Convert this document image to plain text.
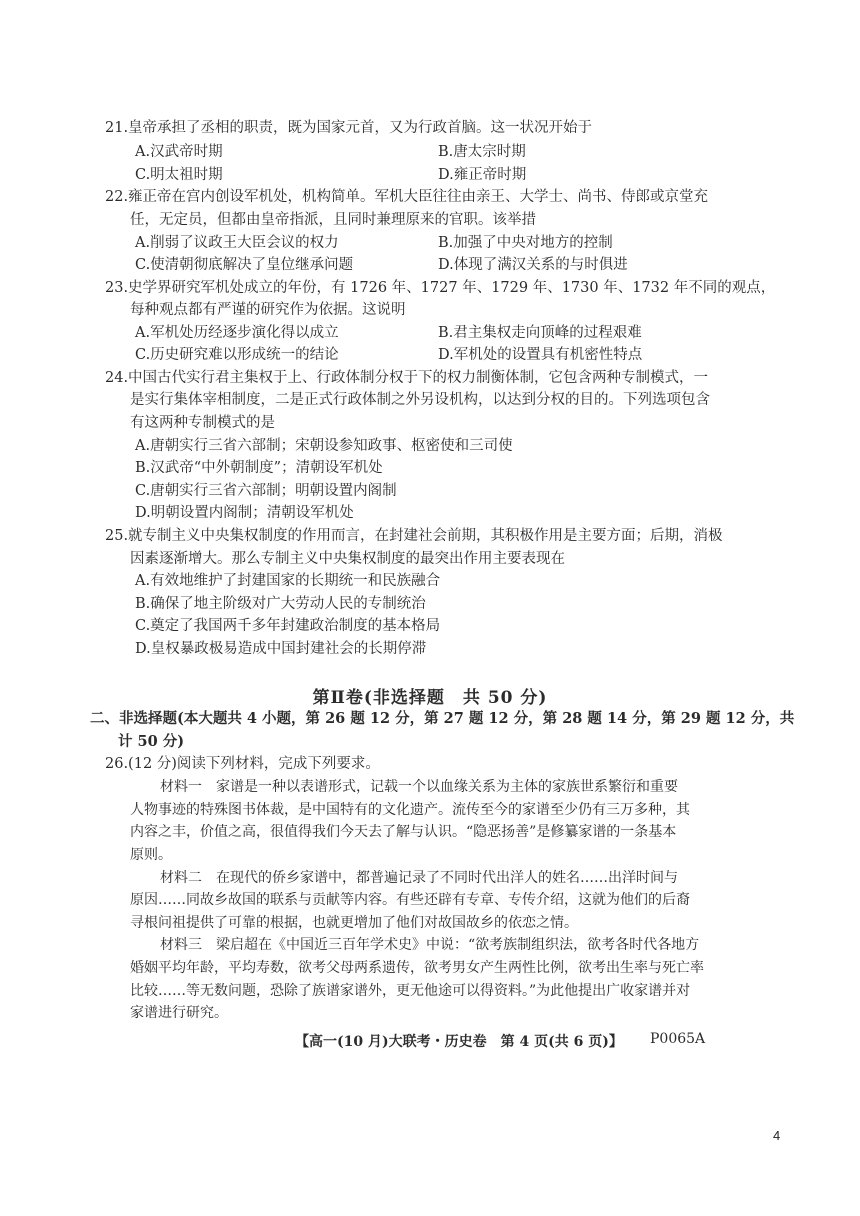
21.皇帝承担了丞相的职责，既为国家元首，又为行政首脑。这一状况开始于
A.汉武帝时期	B.唐太宗时期
C.明太祖时期	D.雍正帝时期
22.雍正帝在宫内创设军机处，机构简单。军机大臣往往由亲王、大学士、尚书、侍郎或京堂充
任，无定员，但都由皇帝指派，且同时兼理原来的官职。该举措
A.削弱了议政王大臣会议的权力	B.加强了中央对地方的控制
C.使清朝彻底解决了皇位继承问题	D.体现了满汉关系的与时俱进
23.史学界研究军机处成立的年份，有 1726 年、1727 年、1729 年、1730 年、1732 年不同的观点，
每种观点都有严谨的研究作为依据。这说明
A.军机处历经逐步演化得以成立	B.君主集权走向顶峰的过程艰难
C.历史研究难以形成统一的结论	D.军机处的设置具有机密性特点
24.中国古代实行君主集权于上、行政体制分权于下的权力制衡体制，它包含两种专制模式，一
是实行集体宰相制度，二是正式行政体制之外另设机构，以达到分权的目的。下列选项包含
有这两种专制模式的是
A.唐朝实行三省六部制；宋朝设参知政事、枢密使和三司使
B.汉武帝“中外朝制度”；清朝设军机处
C.唐朝实行三省六部制；明朝设置内阁制
D.明朝设置内阁制；清朝设军机处
25.就专制主义中央集权制度的作用而言，在封建社会前期，其积极作用是主要方面；后期，消极
因素逐渐增大。那么专制主义中央集权制度的最突出作用主要表现在
A.有效地维护了封建国家的长期统一和民族融合
B.确保了地主阶级对广大劳动人民的专制统治
C.奠定了我国两千多年封建政治制度的基本格局
D.皇权暴政极易造成中国封建社会的长期停滞
第Ⅱ卷(非选择题　共 50 分)
二、非选择题(本大题共 4 小题，第 26 题 12 分，第 27 题 12 分，第 28 题 14 分，第 29 题 12 分，共
计 50 分)
26.(12 分)阅读下列材料，完成下列要求。
材料一　家谱是一种以表谱形式，记载一个以血缘关系为主体的家族世系繁衍和重要
人物事迹的特殊图书体裁，是中国特有的文化遗产。流传至今的家谱至少仍有三万多种，其
内容之丰，价值之高，很值得我们今天去了解与认识。“隐恶扬善”是修纂家谱的一条基本
原则。
材料二　在现代的侨乡家谱中，都普遍记录了不同时代出洋人的姓名……出洋时间与
原因……同故乡故国的联系与贡献等内容。有些还辟有专章、专传介绍，这就为他们的后裔
寻根问祖提供了可靠的根据，也就更增加了他们对故国故乡的依恋之情。
材料三　梁启超在《中国近三百年学术史》中说：“欲考族制组织法，欲考各时代各地方
婚姻平均年龄，平均寿数，欲考父母两系遗传，欲考男女产生两性比例，欲考出生率与死亡率
比较……等无数问题，恐除了族谱家谱外，更无他途可以得资料。”为此他提出广收家谱并对
家谱进行研究。
【高一(10 月)大联考・历史卷　第 4 页(共 6 页)】 P0065A
4
